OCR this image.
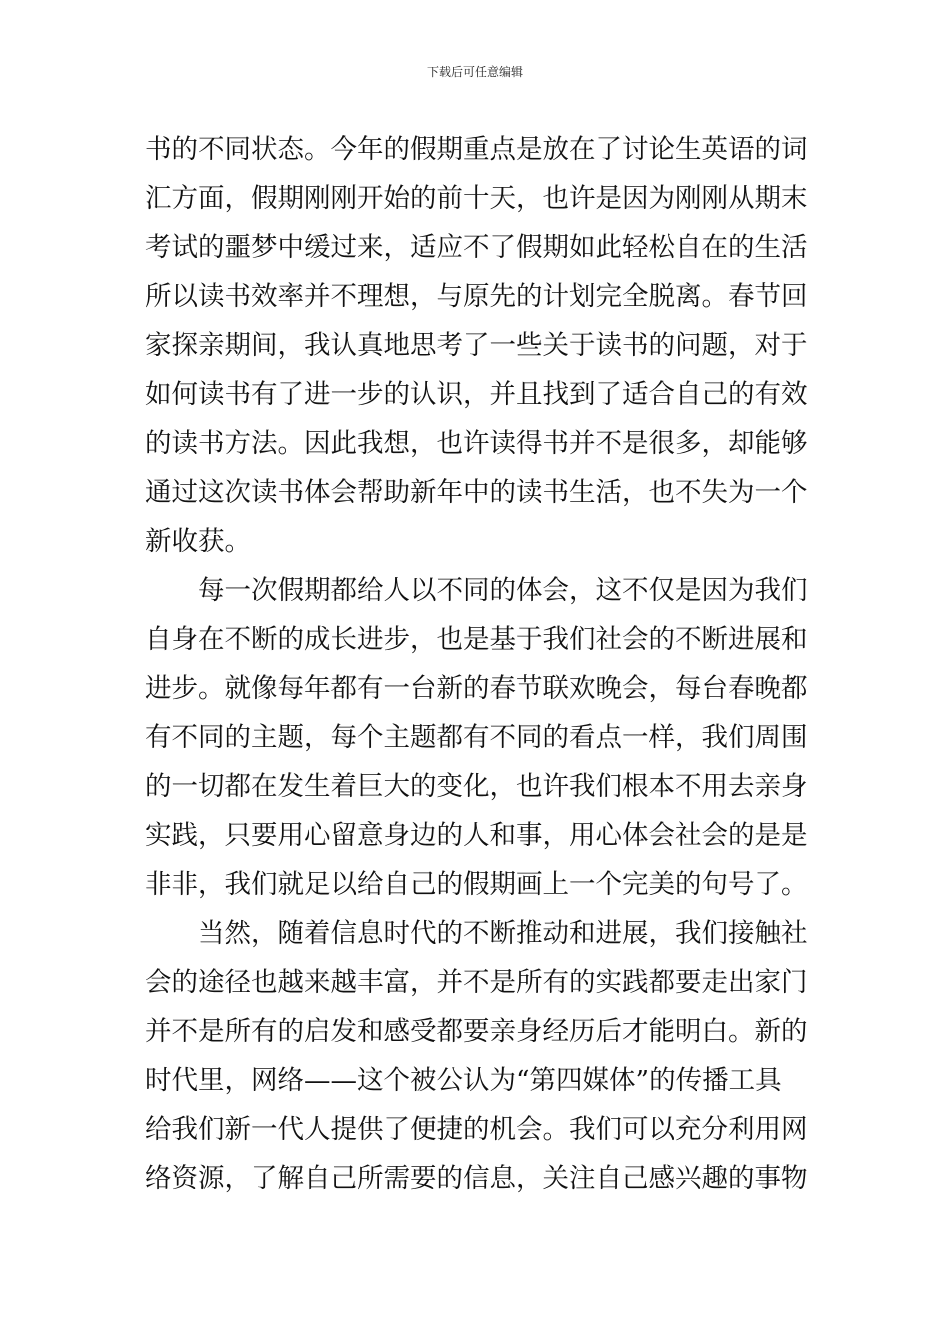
下载后可任意编辑
书的不同状态。今年的假期重点是放在了讨论生英语的词
汇方面，假期刚刚开始的前十天，也许是因为刚刚从期末
考试的噩梦中缓过来，适应不了假期如此轻松自在的生活
所以读书效率并不理想，与原先的计划完全脱离。春节回
家探亲期间，我认真地思考了一些关于读书的问题，对于
如何读书有了进一步的认识，并且找到了适合自己的有效
的读书方法。因此我想，也许读得书并不是很多，却能够
通过这次读书体会帮助新年中的读书生活，也不失为一个
新收获。
每一次假期都给人以不同的体会，这不仅是因为我们
自身在不断的成长进步，也是基于我们社会的不断进展和
进步。就像每年都有一台新的春节联欢晚会，每台春晚都
有不同的主题，每个主题都有不同的看点一样，我们周围
的一切都在发生着巨大的变化，也许我们根本不用去亲身
实践，只要用心留意身边的人和事，用心体会社会的是是
非非，我们就足以给自己的假期画上一个完美的句号了。
当然，随着信息时代的不断推动和进展，我们接触社
会的途径也越来越丰富，并不是所有的实践都要走出家门
并不是所有的启发和感受都要亲身经历后才能明白。新的
时代里，网络——这个被公认为“第四媒体”的传播工具
给我们新一代人提供了便捷的机会。我们可以充分利用网
络资源，了解自己所需要的信息，关注自己感兴趣的事物
